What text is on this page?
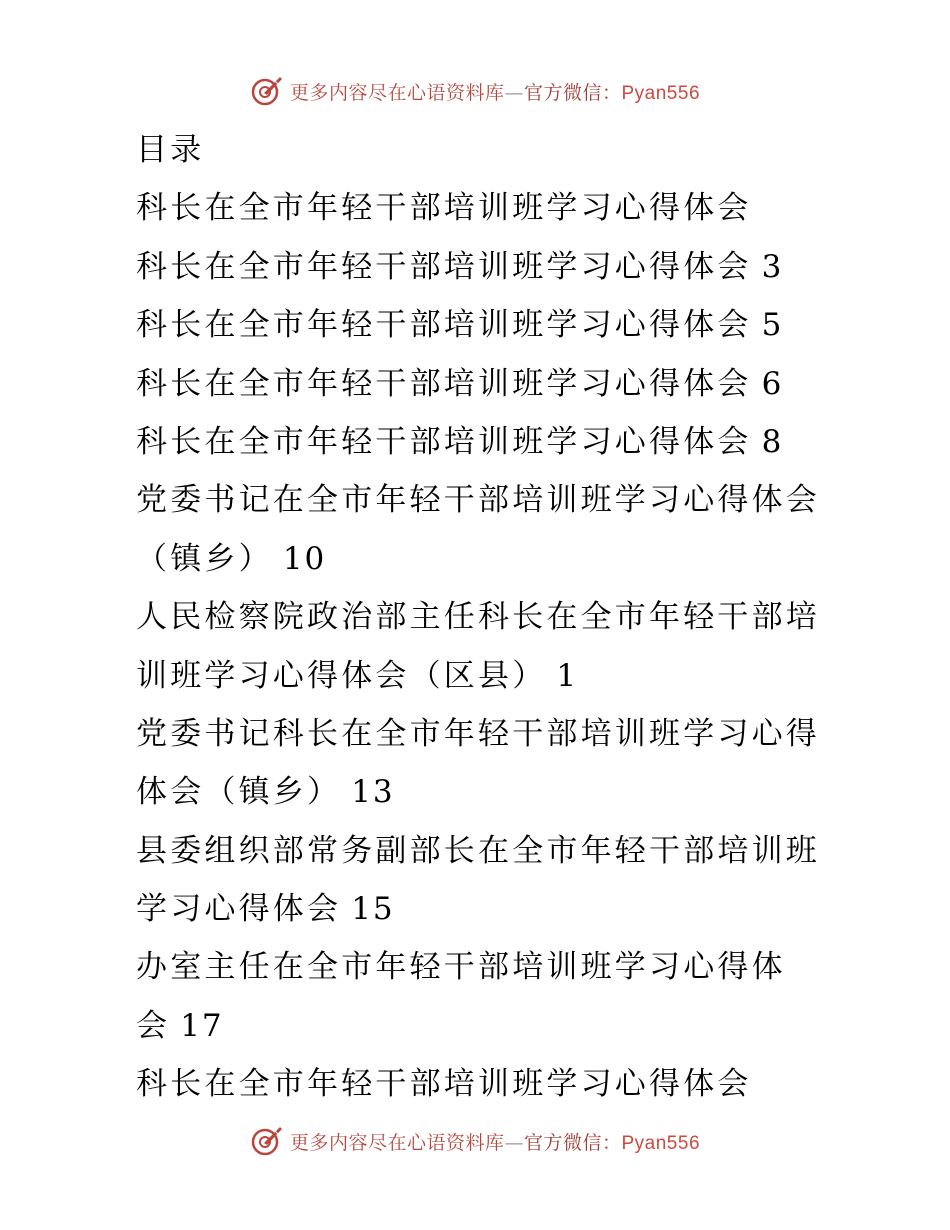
更多内容尽在心语资料库—官方微信：Pyan556
目录
科长在全市年轻干部培训班学习心得体会
科长在全市年轻干部培训班学习心得体会 3
科长在全市年轻干部培训班学习心得体会 5
科长在全市年轻干部培训班学习心得体会 6
科长在全市年轻干部培训班学习心得体会 8
党委书记在全市年轻干部培训班学习心得体会
（镇乡） 10
人民检察院政治部主任科长在全市年轻干部培
训班学习心得体会（区县） 1
党委书记科长在全市年轻干部培训班学习心得
体会（镇乡） 13
县委组织部常务副部长在全市年轻干部培训班
学习心得体会 15
办室主任在全市年轻干部培训班学习心得体
会 17
科长在全市年轻干部培训班学习心得体会
更多内容尽在心语资料库—官方微信：Pyan556
